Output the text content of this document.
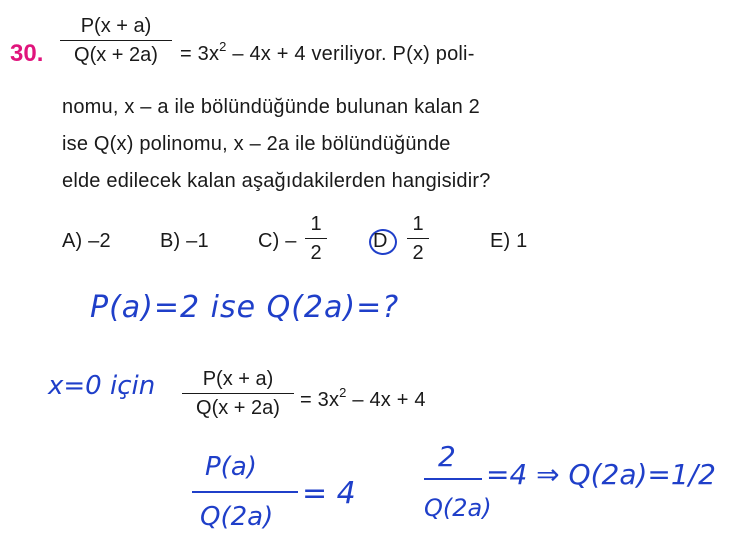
30.
P(x + a)
Q(x + 2a)	= $3x^2 - 4x + 4$ veriliyor. P(x) poli-
nomu, x – a ile bölündüğünde bulunan kalan 2
ise Q(x) polinomu, x – 2a ile bölündüğünde
elde edilecek kalan aşağıdakilerden hangisidir?
A) –2 B) –1 C) –
1
2
D
1
2
E) 1
P(a)=2 ise Q(2a)=?
x=0 için	P(x + a)
Q(x + 2a)	= $3x^2 - 4x + 4$
P(a)
Q(2a)
= 4
2
Q(2a)
=4 ⇒ Q(2a)=1/2
